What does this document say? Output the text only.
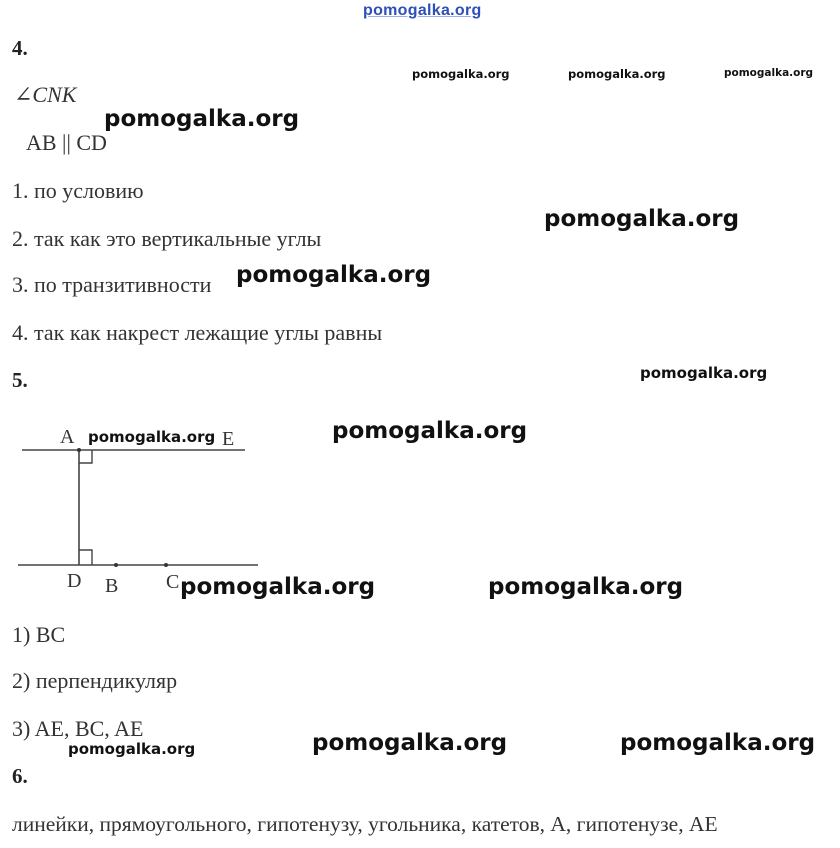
pomogalka.org
4.
pomogalka.org	pomogalka.org	pomogalka.org
∠CNK
pomogalka.org
AB || CD
1. по условию
pomogalka.org
2. так как это вертикальные углы
3. по транзитивности pomogalka.org
4. так как накрест лежащие углы равны
5.	pomogalka.org
A	E
D B C
pomogalka.org	pomogalka.org
pomogalka.org	pomogalka.org
1) BC
2) перпендикуляр
3) AE, BC, AE
pomogalka.org	pomogalka.org	pomogalka.org
6.
линейки, прямоугольного, гипотенузу, угольника, катетов, A, гипотенузе, AE
